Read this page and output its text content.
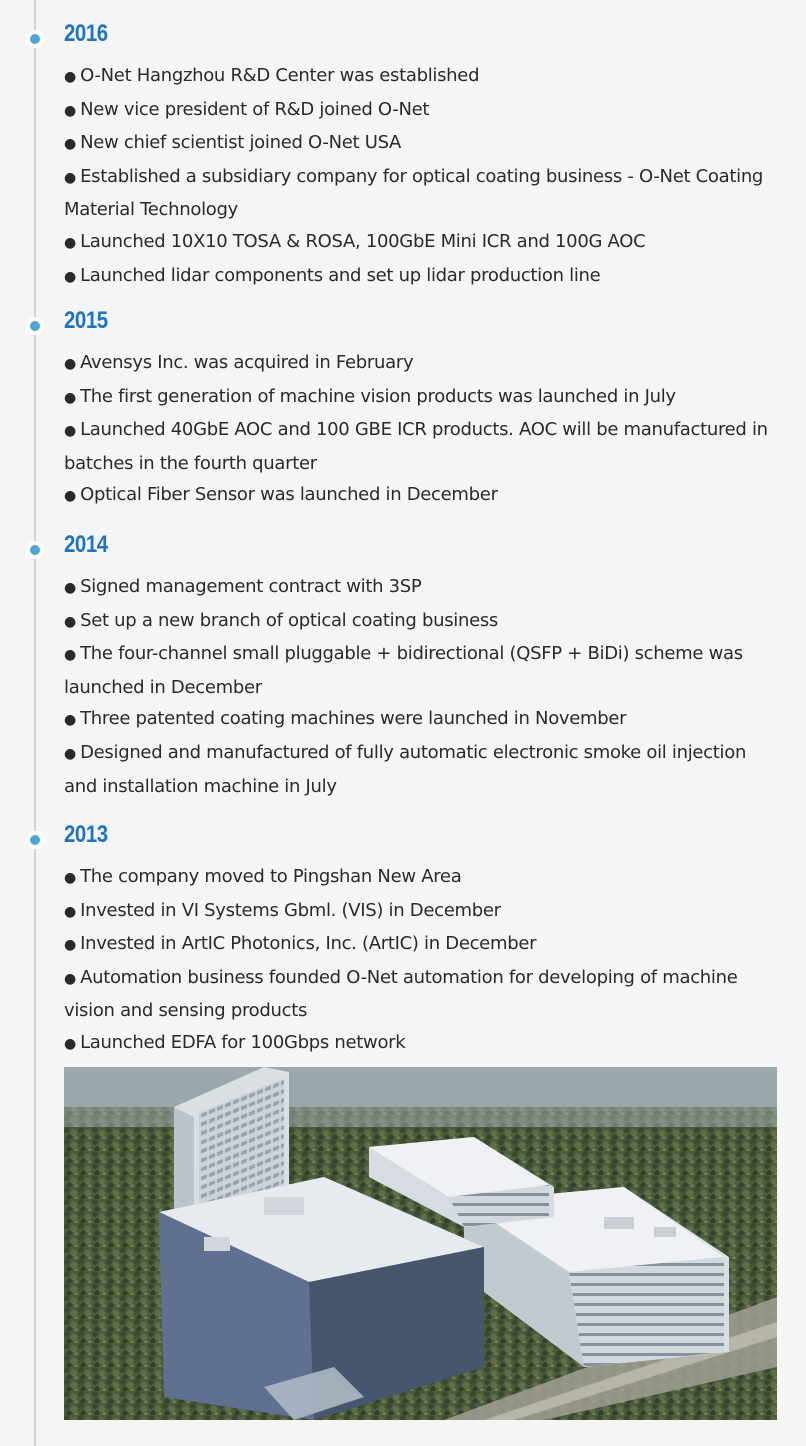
2016
● O-Net Hangzhou R&D Center was established
● New vice president of R&D joined O-Net
● New chief scientist joined O-Net USA
● Established a subsidiary company for optical coating business - O-Net Coating Material Technology
● Launched 10X10 TOSA & ROSA, 100GbE Mini ICR and 100G AOC
● Launched lidar components and set up lidar production line
2015
● Avensys Inc. was acquired in February
● The first generation of machine vision products was launched in July
● Launched 40GbE AOC and 100 GBE ICR products. AOC will be manufactured in batches in the fourth quarter
● Optical Fiber Sensor was launched in December
2014
● Signed management contract with 3SP
● Set up a new branch of optical coating business
● The four-channel small pluggable + bidirectional (QSFP + BiDi) scheme was launched in December
● Three patented coating machines were launched in November
● Designed and manufactured of fully automatic electronic smoke oil injection and installation machine in July
2013
● The company moved to Pingshan New Area
● Invested in VI Systems Gbml. (VIS) in December
● Invested in ArtIC Photonics, Inc. (ArtIC) in December
● Automation business founded O-Net automation for developing of machine vision and sensing products
● Launched EDFA for 100Gbps network
